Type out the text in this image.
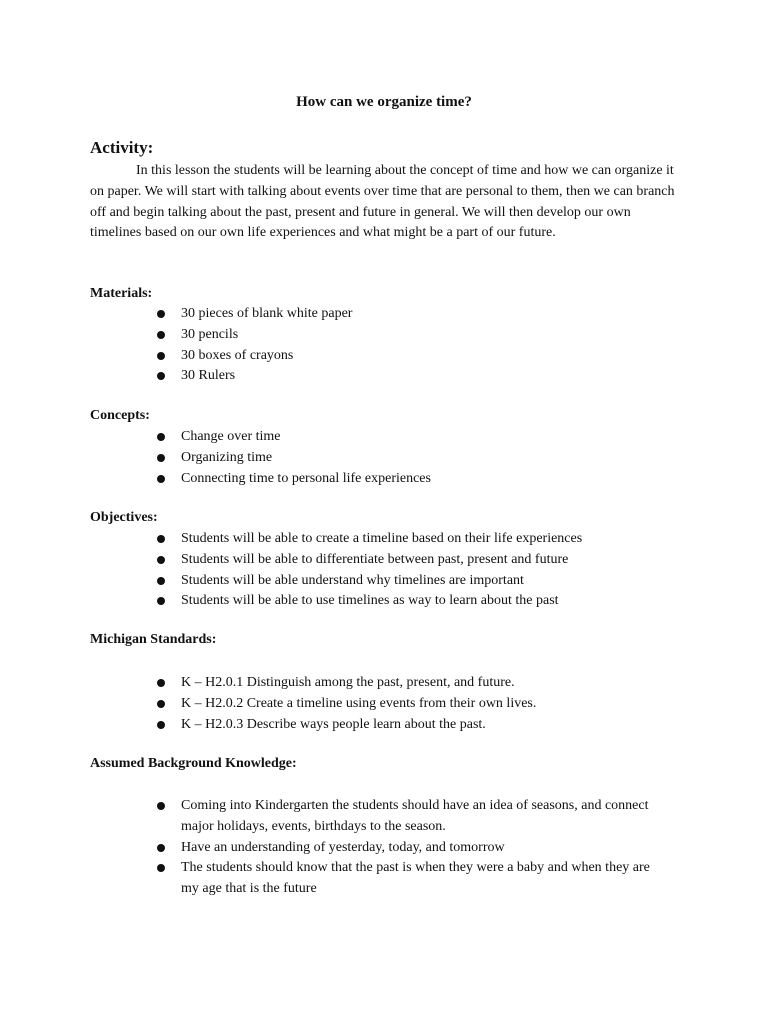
How can we organize time?
Activity:

In this lesson the students will be learning about the concept of time and how we can organize it on paper. We will start with talking about events over time that are personal to them, then we can branch off and begin talking about the past, present and future in general. We will then develop our own timelines based on our own life experiences and what might be a part of our future.

Materials:
30 pieces of blank white paper
30 pencils
30 boxes of crayons
30 Rulers
Concepts:
Change over time
Organizing time
Connecting time to personal life experiences
Objectives:
Students will be able to create a timeline based on their life experiences
Students will be able to differentiate between past, present and future
Students will be able understand why timelines are important
Students will be able to use timelines as way to learn about the past
Michigan Standards:
K – H2.0.1 Distinguish among the past, present, and future.
K – H2.0.2 Create a timeline using events from their own lives.
K – H2.0.3 Describe ways people learn about the past.
Assumed Background Knowledge:
Coming into Kindergarten the students should have an idea of seasons, and connect major holidays, events, birthdays to the season.
Have an understanding of yesterday, today, and tomorrow
The students should know that the past is when they were a baby and when they are my age that is the future
